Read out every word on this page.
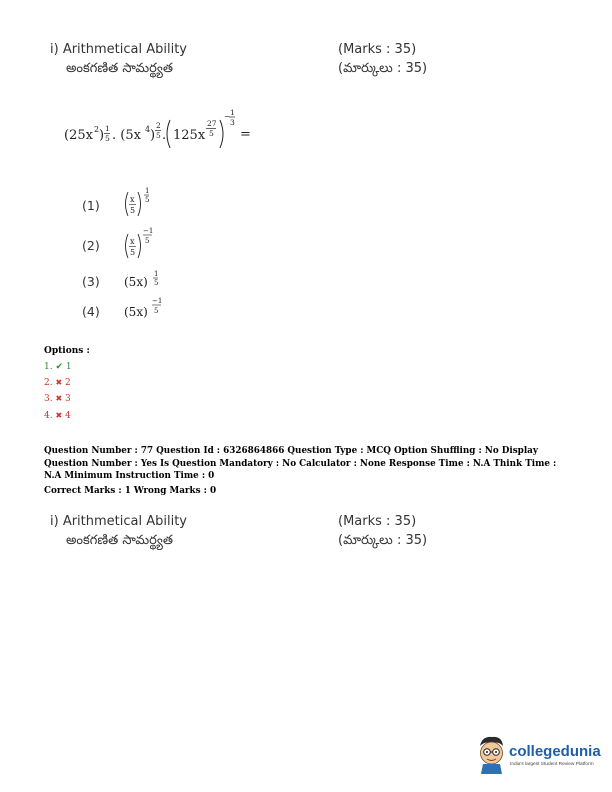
i) Arithmetical Ability
అంకగణిత సామర్థ్యత
(Marks : 35)
(మార్కులు : 35)
(25x 2 ) 1
5 . (5x 4 )
2
5 . 125x
27
5
− 1
3
=
(1)	x
5
1
5
(2)	x
5
−1
5
(3) (5x)
1
5
(4) (5x)
−1
5
Options :
1. ✔ 1
2. ✖ 2
3. ✖ 3
4. ✖ 4
Question Number : 77 Question Id : 6326864866 Question Type : MCQ Option Shuffling : No Display Question Number : Yes Is Question Mandatory : No Calculator : None Response Time : N.A Think Time : N.A Minimum Instruction Time : 0
Correct Marks : 1 Wrong Marks : 0
i) Arithmetical Ability
అంకగణిత సామర్థ్యత
(Marks : 35)
(మార్కులు : 35)
collegedunia
India's largest Student Review Platform
